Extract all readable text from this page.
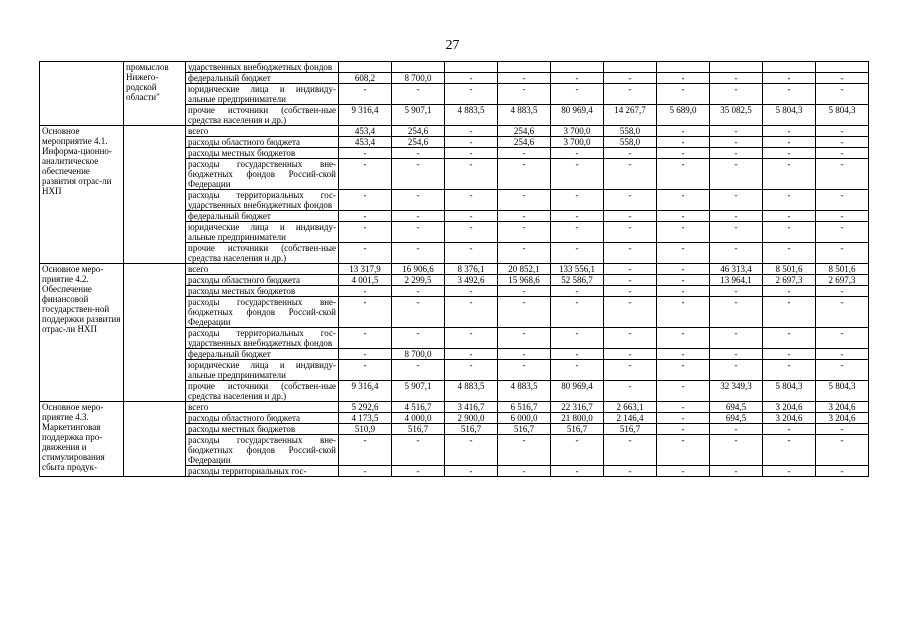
27
	промыслов Нижего-родской области"	ударственных внебюджетных фондов										
		федеральный бюджет	608,2	8 700,0	-	-	-	-	-	-	-	-
		юридические лица и индивиду-альные предприниматели	-	-	-	-	-	-	-	-	-	-
		прочие источники (собствен-ные средства населения и др.)	9 316,4	5 907,1	4 883,5	4 883,5	80 969,4	14 267,7	5 689,0	35 082,5	5 804,3	5 804,3
Основное мероприятие 4.1. Информа-ционно-аналитическое обеспечение развития отрас-ли НХП		всего	453,4	254,6	-	254,6	3 700,0	558,0	-	-	-	-
		расходы областного бюджета	453,4	254,6	-	254,6	3 700,0	558,0	-	-	-	-
		расходы местных бюджетов	-	-	-	-	-	-	-	-	-	-
		расходы государственных вне-бюджетных фондов Россий-ской Федерации	-	-	-	-	-	-	-	-	-	-
		расходы территориальных гос-ударственных внебюджетных фондов	-	-	-	-	-	-	-	-	-	-
		федеральный бюджет	-	-	-	-	-	-	-	-	-	-
		юридические лица и индивиду-альные предприниматели	-	-	-	-	-	-	-	-	-	-
		прочие источники (собствен-ные средства населения и др.)	-	-	-	-	-	-	-	-	-	-
Основное меро-приятие 4.2. Обеспечение финансовой государствен-ной поддержки развития отрас-ли НХП		всего	13 317,9	16 906,6	8 376,1	20 852,1	133 556,1	-	-	46 313,4	8 501,6	8 501,6
		расходы областного бюджета	4 001,5	2 299,5	3 492,6	15 968,6	52 586,7	-	-	13 964,1	2 697,3	2 697,3
		расходы местных бюджетов	-	-	-	-	-	-	-	-	-	-
		расходы государственных вне-бюджетных фондов Россий-ской Федерации	-	-	-	-	-	-	-	-	-	-
		расходы территориальных гос-ударственных внебюджетных фондов	-	-	-	-	-	-	-	-	-	-
		федеральный бюджет	-	8 700,0	-	-	-	-	-	-	-	-
		юридические лица и индивиду-альные предприниматели	-	-	-	-	-	-	-	-	-	-
		прочие источники (собствен-ные средства населения и др.)	9 316,4	5 907,1	4 883,5	4 883,5	80 969,4	-	-	32 349,3	5 804,3	5 804,3
Основное меро-приятие 4.3. Маркетинговая поддержка про-движения и стимулирования сбыта продук-		всего	5 292,6	4 516,7	3 416,7	6 516,7	22 316,7	2 663,1	-	694,5	3 204,6	3 204,6
		расходы областного бюджета	4 173,5	4 000,0	2 900,0	6 000,0	21 800,0	2 146,4	-	694,5	3 204,6	3 204,6
		расходы местных бюджетов	510,9	516,7	516,7	516,7	516,7	516,7	-	-	-	-
		расходы государственных вне-бюджетных фондов Россий-ской Федерации	-	-	-	-	-	-	-	-	-	-
		расходы территориальных гос-	-	-	-	-	-	-	-	-	-	-
